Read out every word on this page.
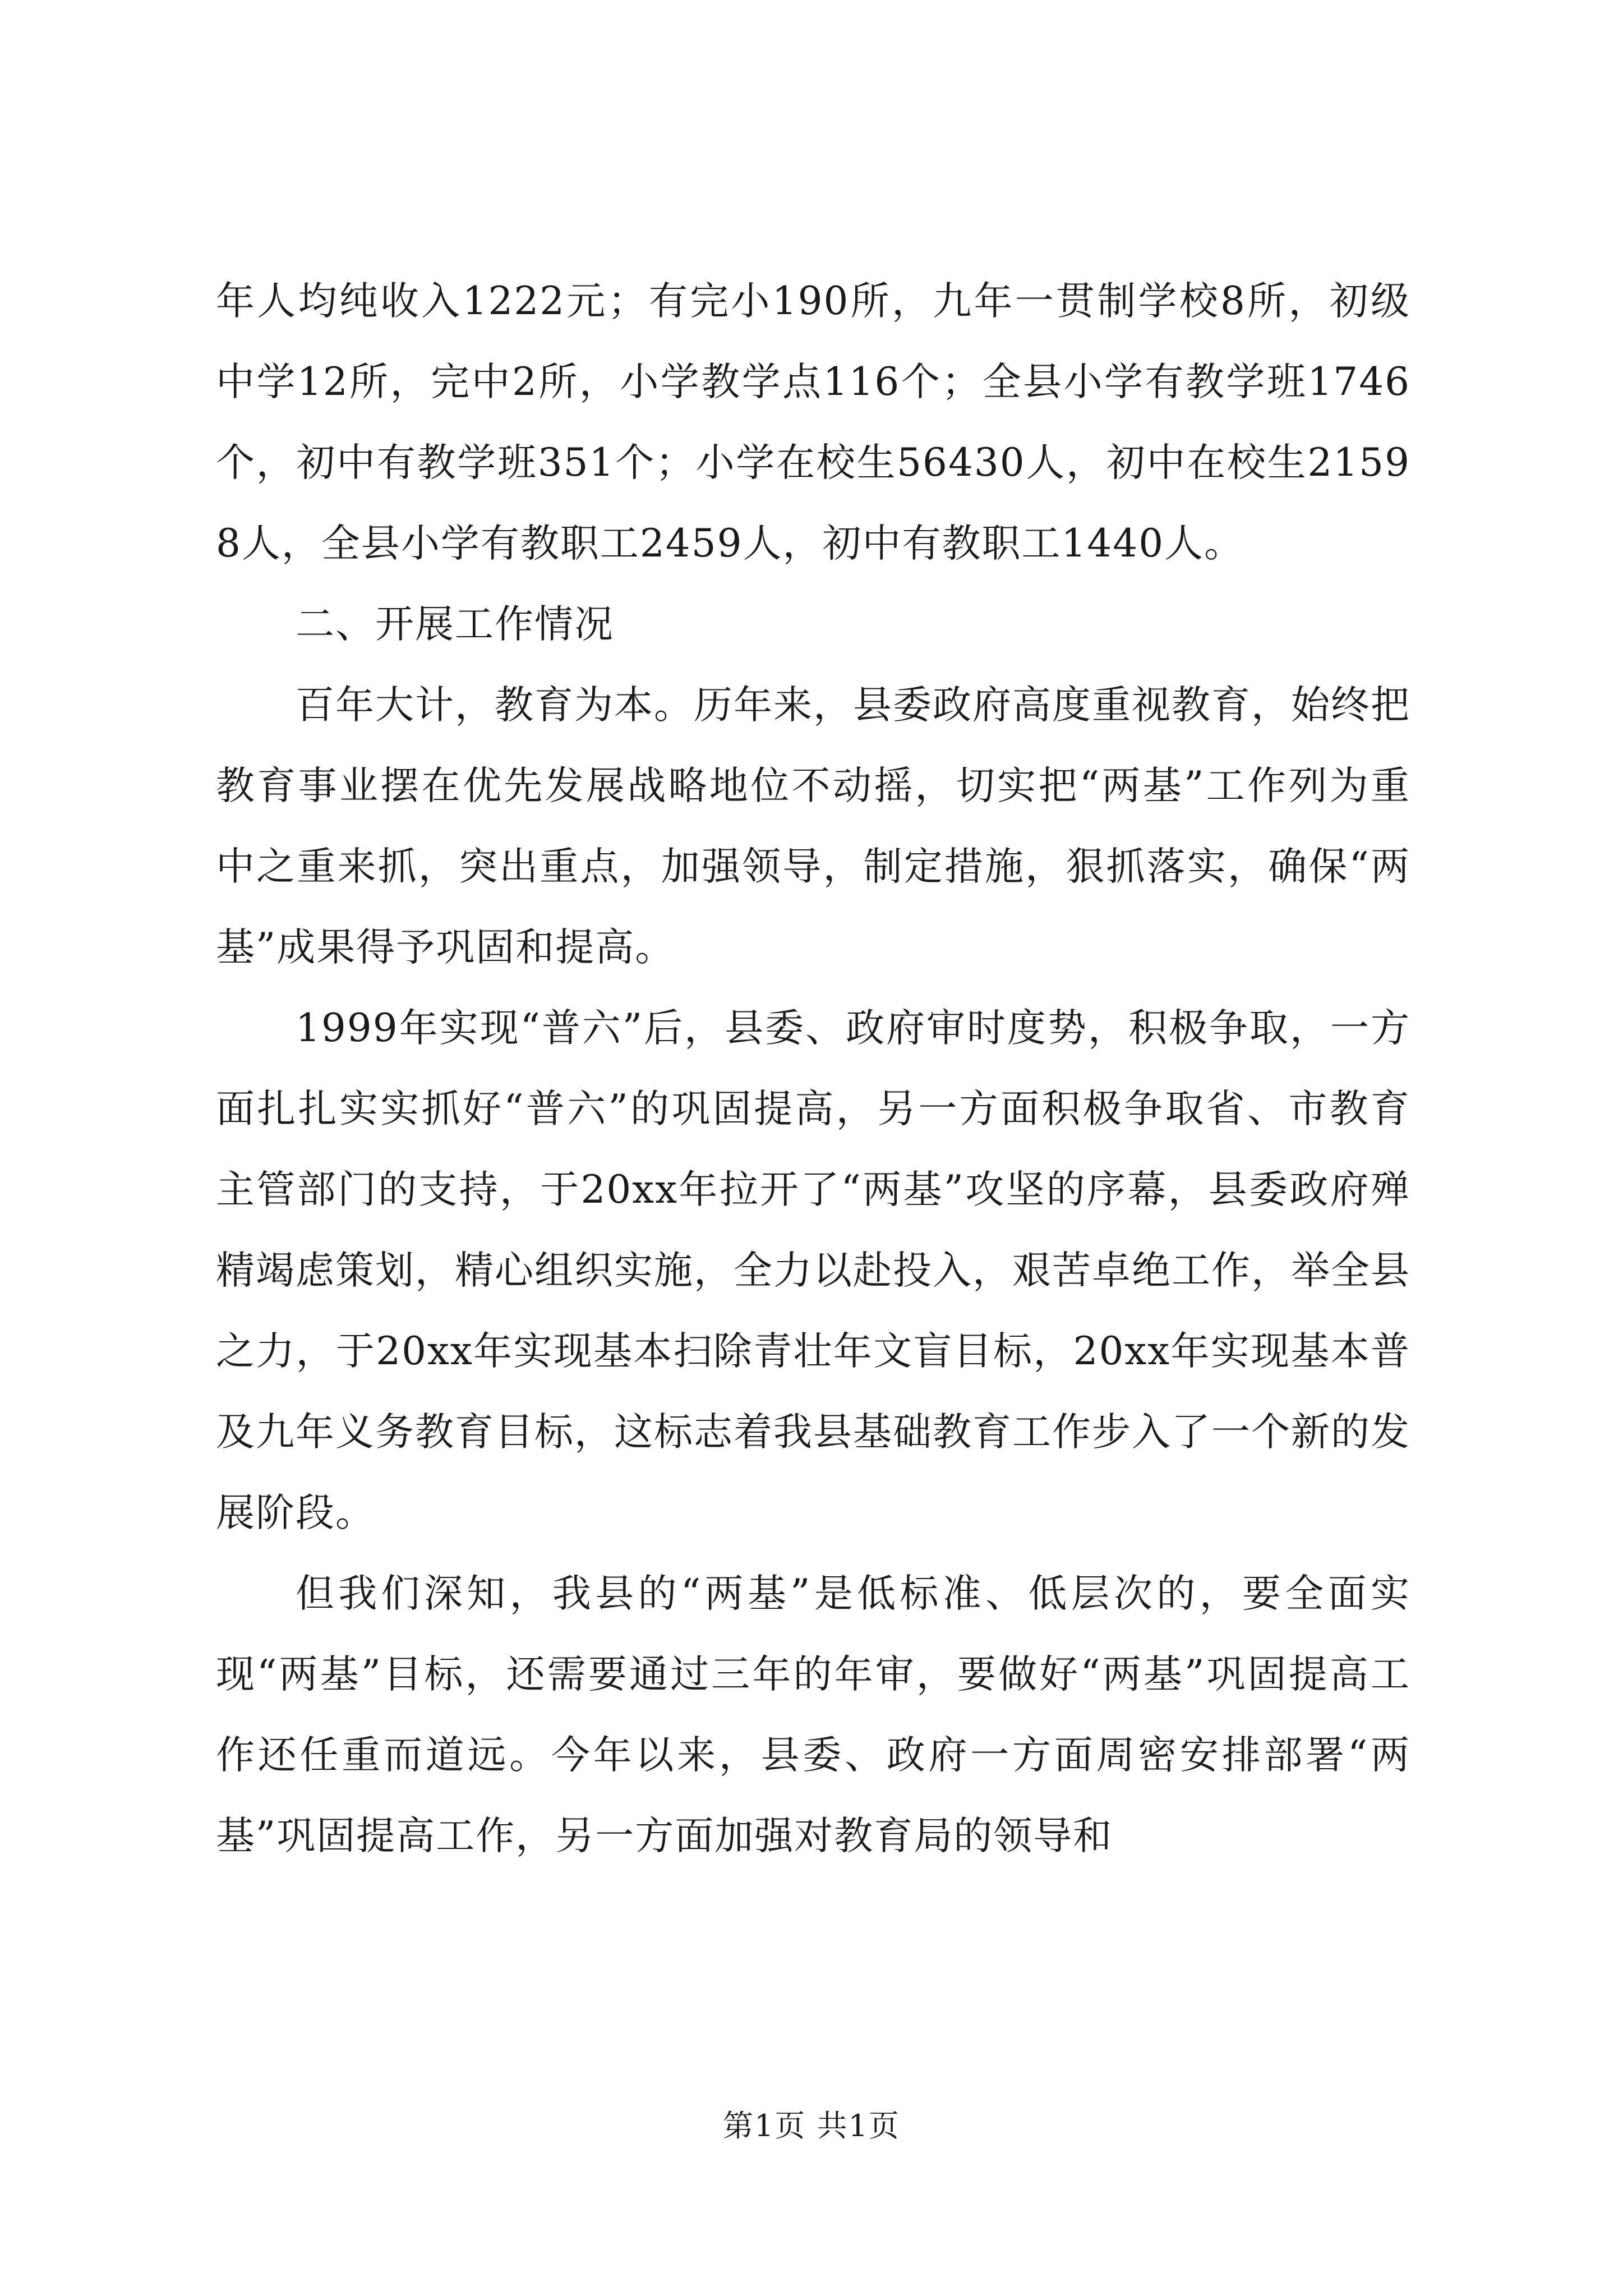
年人均纯收入1222元；有完小190所，九年一贯制学校8所，初级中学12所，完中2所，小学教学点116个；全县小学有教学班1746个，初中有教学班351个；小学在校生56430人，初中在校生21598人，全县小学有教职工2459人，初中有教职工1440人。

二、开展工作情况

百年大计，教育为本。历年来，县委政府高度重视教育，始终把教育事业摆在优先发展战略地位不动摇，切实把“两基”工作列为重中之重来抓，突出重点，加强领导，制定措施，狠抓落实，确保“两基”成果得予巩固和提高。

1999年实现“普六”后，县委、政府审时度势，积极争取，一方面扎扎实实抓好“普六”的巩固提高，另一方面积极争取省、市教育主管部门的支持，于20xx年拉开了“两基”攻坚的序幕，县委政府殚精竭虑策划，精心组织实施，全力以赴投入，艰苦卓绝工作，举全县之力，于20xx年实现基本扫除青壮年文盲目标，20xx年实现基本普及九年义务教育目标，这标志着我县基础教育工作步入了一个新的发展阶段。

但我们深知，我县的“两基”是低标准、低层次的，要全面实现“两基”目标，还需要通过三年的年审，要做好“两基”巩固提高工作还任重而道远。今年以来，县委、政府一方面周密安排部署“两基”巩固提高工作，另一方面加强对教育局的领导和

第1页 共1页
